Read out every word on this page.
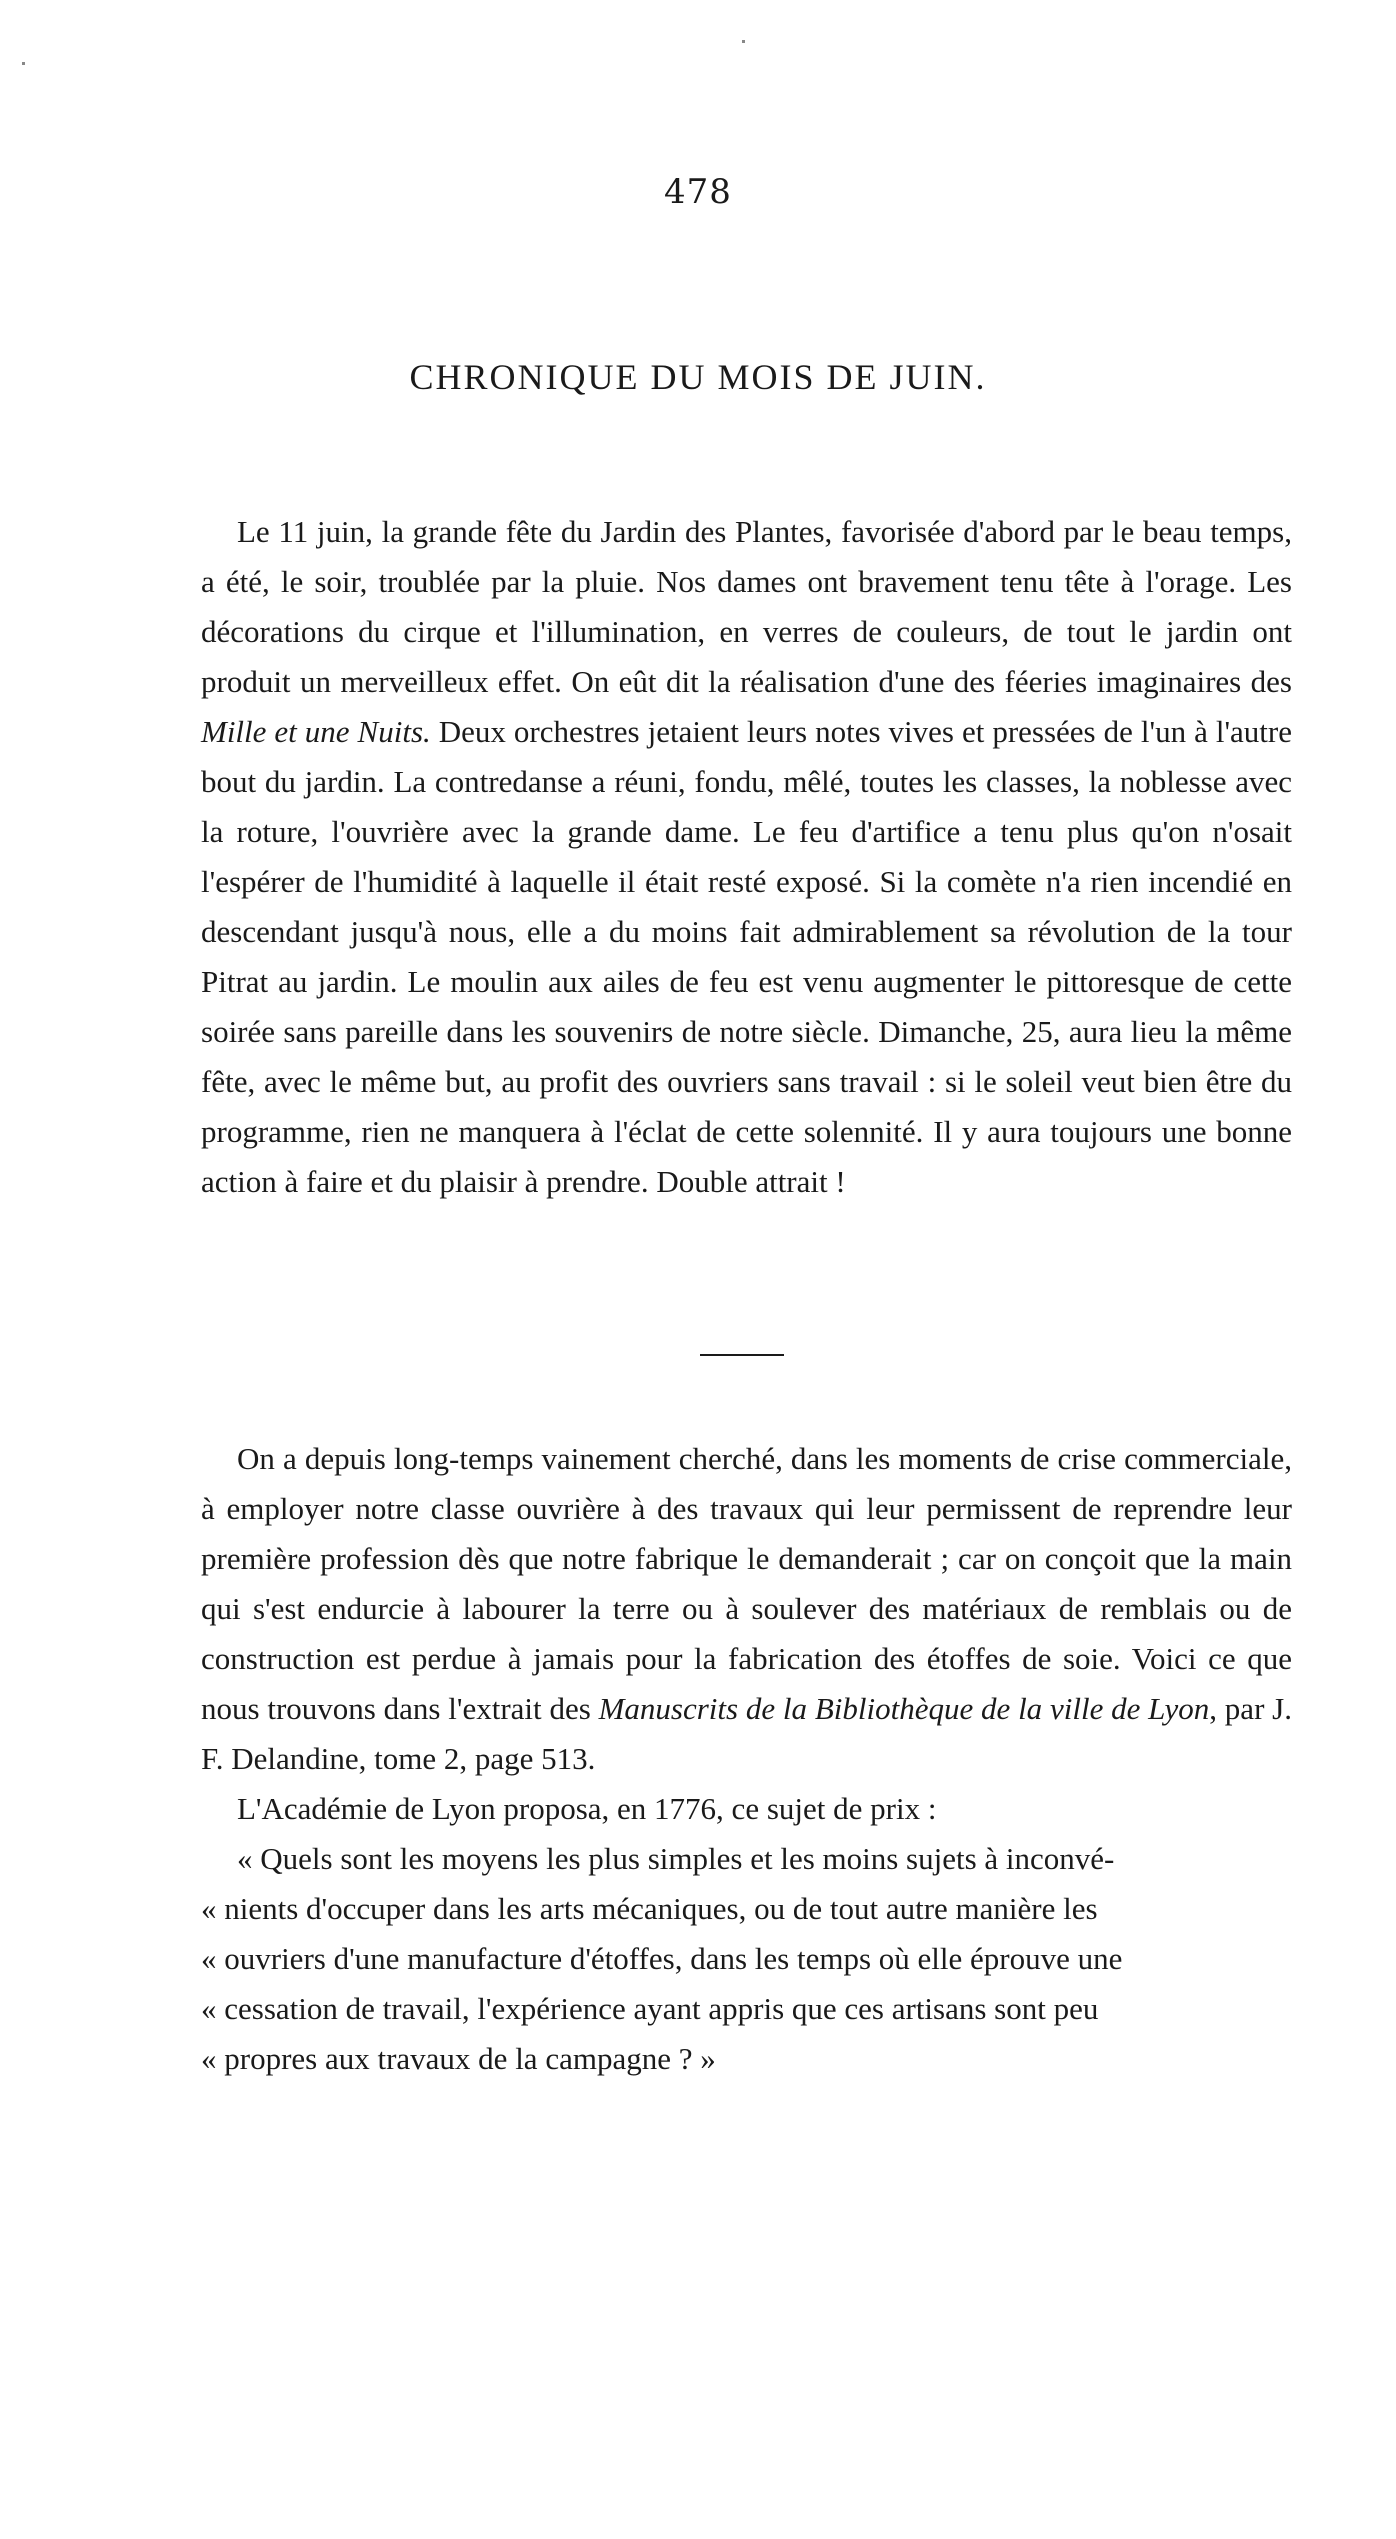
478
CHRONIQUE DU MOIS DE JUIN.

Le 11 juin, la grande fête du Jardin des Plantes, favorisée d'abord par le beau temps, a été, le soir, troublée par la pluie. Nos dames ont bravement tenu tête à l'orage. Les décorations du cirque et l'illumination, en verres de couleurs, de tout le jardin ont produit un merveilleux effet. On eût dit la réalisation d'une des féeries imaginaires des Mille et une Nuits. Deux orchestres jetaient leurs notes vives et pressées de l'un à l'autre bout du jardin. La contredanse a réuni, fondu, mêlé, toutes les classes, la noblesse avec la roture, l'ouvrière avec la grande dame. Le feu d'artifice a tenu plus qu'on n'osait l'espérer de l'humidité à laquelle il était resté exposé. Si la comète n'a rien incendié en descendant jusqu'à nous, elle a du moins fait admirablement sa révolution de la tour Pitrat au jardin. Le moulin aux ailes de feu est venu augmenter le pittoresque de cette soirée sans pareille dans les souvenirs de notre siècle. Dimanche, 25, aura lieu la même fête, avec le même but, au profit des ouvriers sans travail : si le soleil veut bien être du programme, rien ne manquera à l'éclat de cette solennité. Il y aura toujours une bonne action à faire et du plaisir à prendre. Double attrait !

On a depuis long-temps vainement cherché, dans les moments de crise commerciale, à employer notre classe ouvrière à des travaux qui leur permissent de reprendre leur première profession dès que notre fabrique le demanderait ; car on conçoit que la main qui s'est endurcie à labourer la terre ou à soulever des matériaux de remblais ou de construction est perdue à jamais pour la fabrication des étoffes de soie. Voici ce que nous trouvons dans l'extrait des Manuscrits de la Bibliothèque de la ville de Lyon, par J. F. Delandine, tome 2, page 513.

L'Académie de Lyon proposa, en 1776, ce sujet de prix :

« Quels sont les moyens les plus simples et les moins sujets à inconvé-

« nients d'occuper dans les arts mécaniques, ou de tout autre manière les

« ouvriers d'une manufacture d'étoffes, dans les temps où elle éprouve une

« cessation de travail, l'expérience ayant appris que ces artisans sont peu

« propres aux travaux de la campagne ? »
